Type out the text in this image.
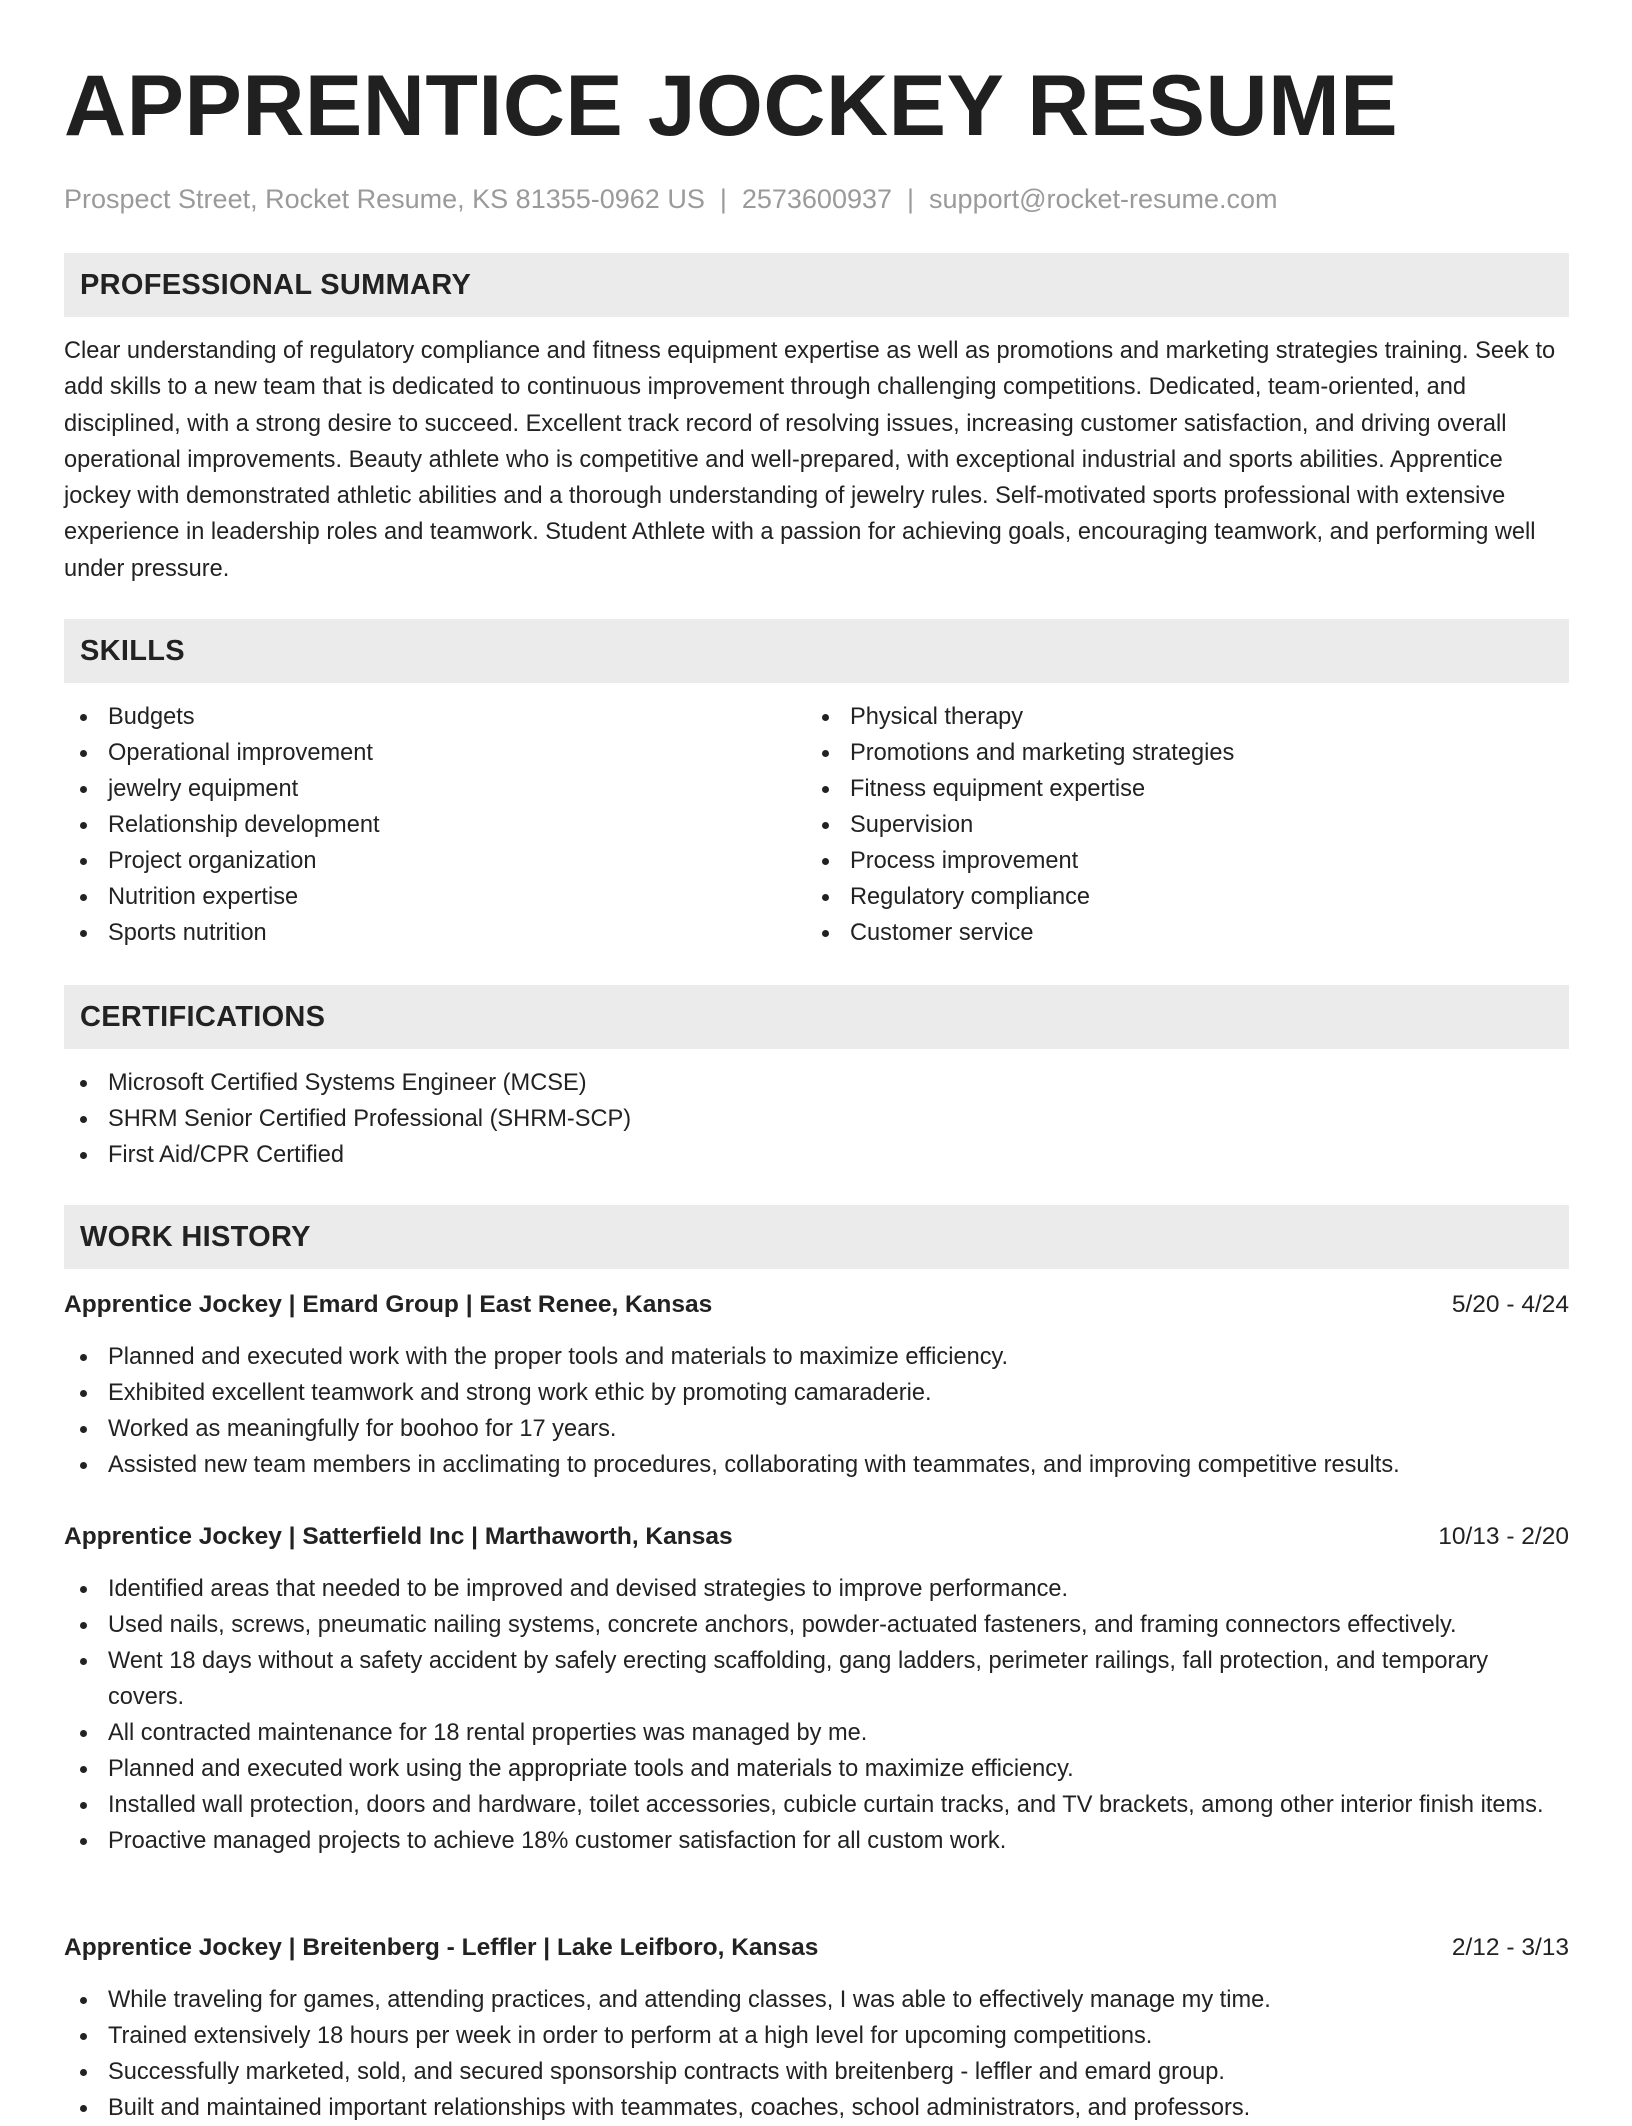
APPRENTICE JOCKEY RESUME
Prospect Street, Rocket Resume, KS 81355-0962 US | 2573600937 | support@rocket-resume.com
PROFESSIONAL SUMMARY

Clear understanding of regulatory compliance and fitness equipment expertise as well as promotions and marketing strategies training. Seek to add skills to a new team that is dedicated to continuous improvement through challenging competitions. Dedicated, team-oriented, and disciplined, with a strong desire to succeed. Excellent track record of resolving issues, increasing customer satisfaction, and driving overall operational improvements. Beauty athlete who is competitive and well-prepared, with exceptional industrial and sports abilities. Apprentice jockey with demonstrated athletic abilities and a thorough understanding of jewelry rules. Self-motivated sports professional with extensive experience in leadership roles and teamwork. Student Athlete with a passion for achieving goals, encouraging teamwork, and performing well under pressure.

SKILLS
Budgets
Operational improvement
jewelry equipment
Relationship development
Project organization
Nutrition expertise
Sports nutrition
Physical therapy
Promotions and marketing strategies
Fitness equipment expertise
Supervision
Process improvement
Regulatory compliance
Customer service
CERTIFICATIONS
Microsoft Certified Systems Engineer (MCSE)
SHRM Senior Certified Professional (SHRM-SCP)
First Aid/CPR Certified
WORK HISTORY
Apprentice Jockey | Emard Group | East Renee, Kansas	5/20 - 4/24
Planned and executed work with the proper tools and materials to maximize efficiency.
Exhibited excellent teamwork and strong work ethic by promoting camaraderie.
Worked as meaningfully for boohoo for 17 years.
Assisted new team members in acclimating to procedures, collaborating with teammates, and improving competitive results.
Apprentice Jockey | Satterfield Inc | Marthaworth, Kansas	10/13 - 2/20
Identified areas that needed to be improved and devised strategies to improve performance.
Used nails, screws, pneumatic nailing systems, concrete anchors, powder-actuated fasteners, and framing connectors effectively.
Went 18 days without a safety accident by safely erecting scaffolding, gang ladders, perimeter railings, fall protection, and temporary covers.
All contracted maintenance for 18 rental properties was managed by me.
Planned and executed work using the appropriate tools and materials to maximize efficiency.
Installed wall protection, doors and hardware, toilet accessories, cubicle curtain tracks, and TV brackets, among other interior finish items.
Proactive managed projects to achieve 18% customer satisfaction for all custom work.
Apprentice Jockey | Breitenberg - Leffler | Lake Leifboro, Kansas	2/12 - 3/13
While traveling for games, attending practices, and attending classes, I was able to effectively manage my time.
Trained extensively 18 hours per week in order to perform at a high level for upcoming competitions.
Successfully marketed, sold, and secured sponsorship contracts with breitenberg - leffler and emard group.
Built and maintained important relationships with teammates, coaches, school administrators, and professors.
